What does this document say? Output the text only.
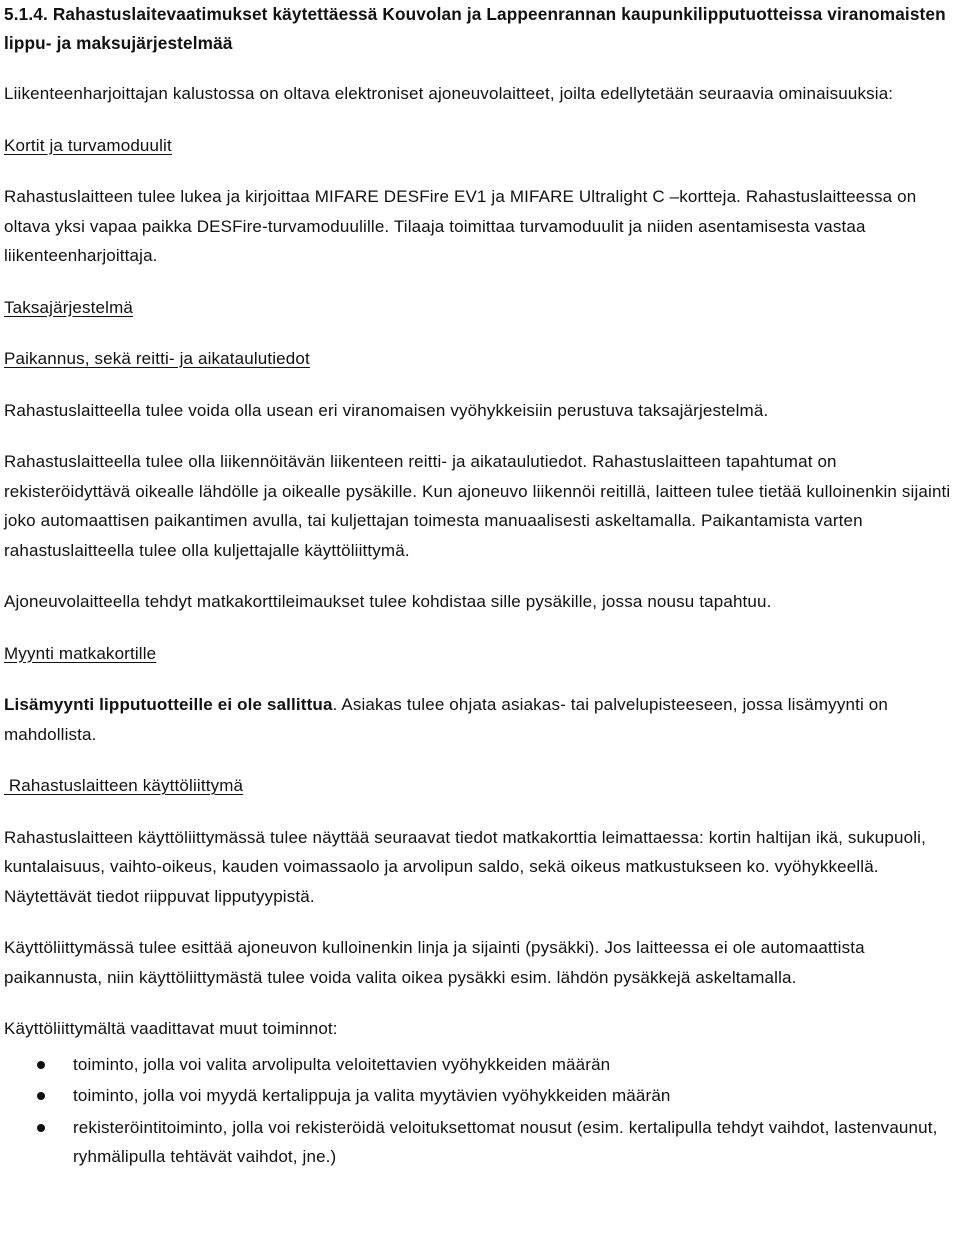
5.1.4. Rahastuslaitevaatimukset käytettäessä Kouvolan ja Lappeenrannan kaupunkilipputuotteissa viranomaisten lippu- ja maksujärjestelmää

Liikenteenharjoittajan kalustossa on oltava elektroniset ajoneuvolaitteet, joilta edellytetään seuraavia ominaisuuksia:

Kortit ja turvamoduulit

Rahastuslaitteen tulee lukea ja kirjoittaa MIFARE DESFire EV1 ja MIFARE Ultralight C –kortteja. Rahastuslaitteessa on oltava yksi vapaa paikka DESFire-turvamoduulille. Tilaaja toimittaa turvamoduulit ja niiden asentamisesta vastaa liikenteenharjoittaja.

Taksajärjestelmä

Paikannus, sekä reitti- ja aikataulutiedot

Rahastuslaitteella tulee voida olla usean eri viranomaisen vyöhykkeisiin perustuva taksajärjestelmä.

Rahastuslaitteella tulee olla liikennöitävän liikenteen reitti- ja aikataulutiedot. Rahastuslaitteen tapahtumat on rekisteröidyttävä oikealle lähdölle ja oikealle pysäkille. Kun ajoneuvo liikennöi reitillä, laitteen tulee tietää kulloinenkin sijainti joko automaattisen paikantimen avulla, tai kuljettajan toimesta manuaalisesti askeltamalla. Paikantamista varten rahastuslaitteella tulee olla kuljettajalle käyttöliittymä.

Ajoneuvolaitteella tehdyt matkakorttileimaukset tulee kohdistaa sille pysäkille, jossa nousu tapahtuu.

Myynti matkakortille

Lisämyynti lipputuotteille ei ole sallittua. Asiakas tulee ohjata asiakas- tai palvelupisteeseen, jossa lisämyynti on mahdollista.

Rahastuslaitteen käyttöliittymä

Rahastuslaitteen käyttöliittymässä tulee näyttää seuraavat tiedot matkakorttia leimattaessa: kortin haltijan ikä, sukupuoli, kuntalaisuus, vaihto-oikeus, kauden voimassaolo ja arvolipun saldo, sekä oikeus matkustukseen ko. vyöhykkeellä. Näytettävät tiedot riippuvat lipputyypistä.

Käyttöliittymässä tulee esittää ajoneuvon kulloinenkin linja ja sijainti (pysäkki). Jos laitteessa ei ole automaattista paikannusta, niin käyttöliittymästä tulee voida valita oikea pysäkki esim. lähdön pysäkkejä askeltamalla.

Käyttöliittymältä vaadittavat muut toiminnot:

toiminto, jolla voi valita arvolipulta veloitettavien vyöhykkeiden määrän
toiminto, jolla voi myydä kertalippuja ja valita myytävien vyöhykkeiden määrän
rekisteröintitoiminto, jolla voi rekisteröidä veloituksettomat nousut (esim. kertalipulla tehdyt vaihdot, lastenvaunut, ryhmälipulla tehtävät vaihdot, jne.)
